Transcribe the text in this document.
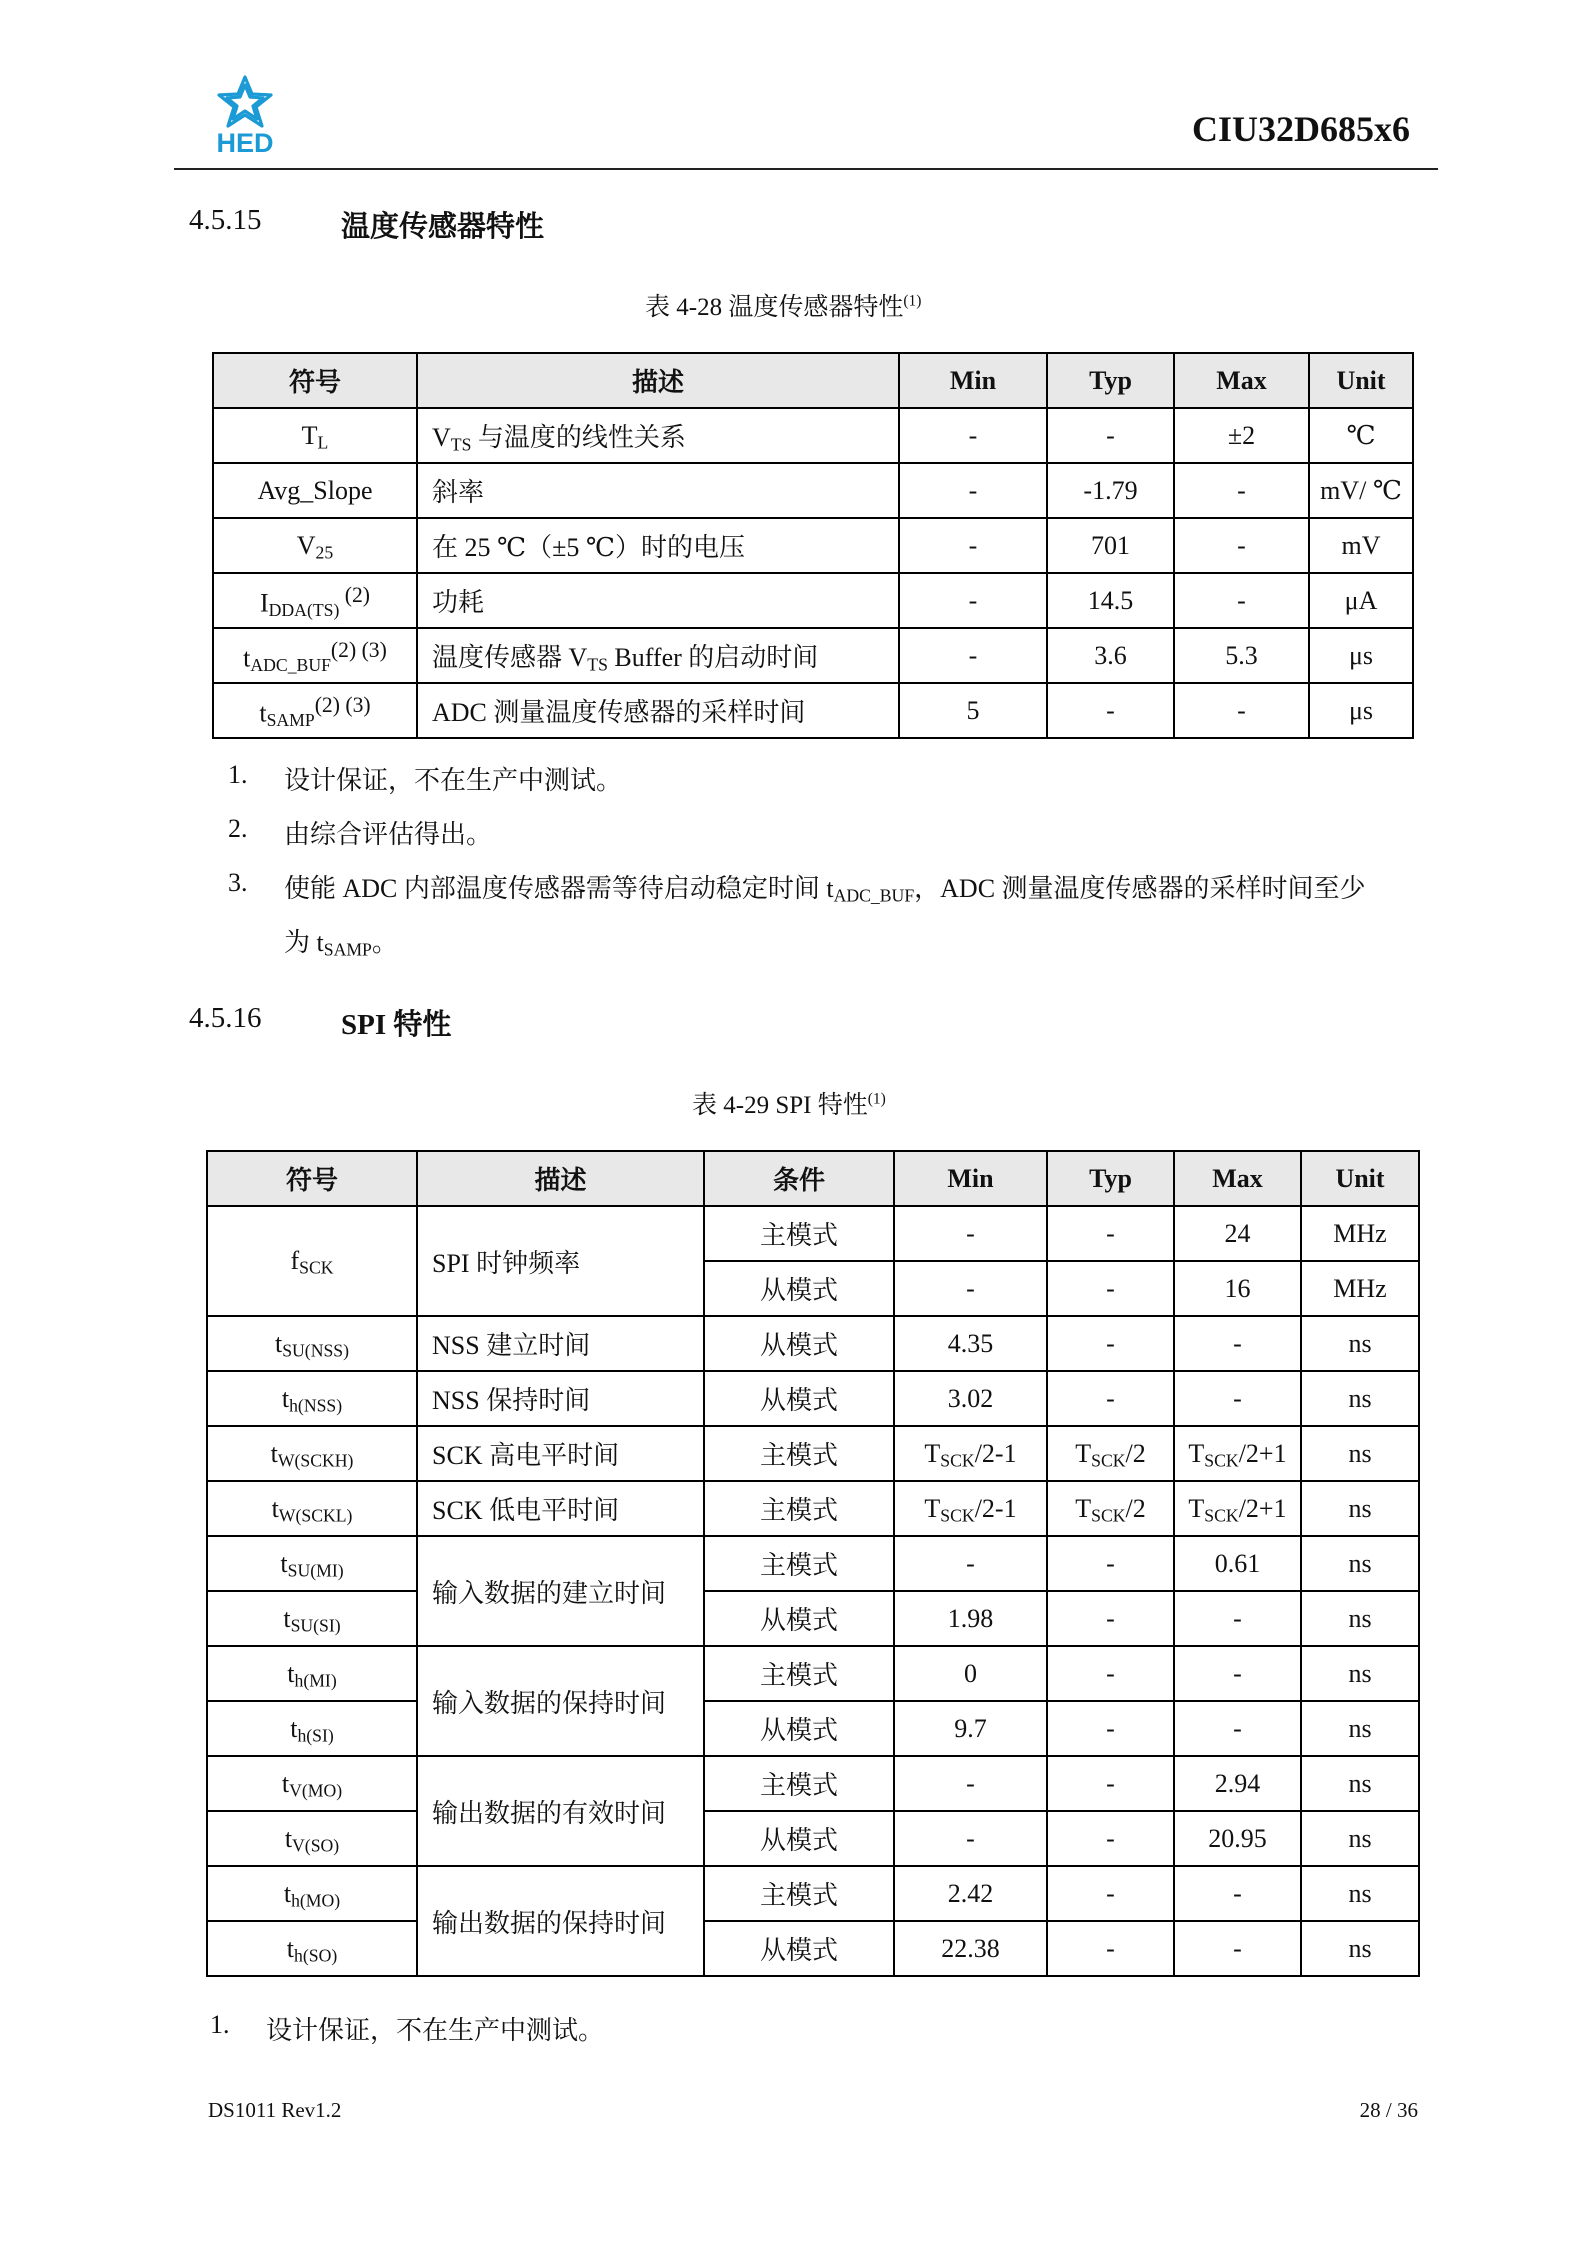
HED	CIU32D685x6
4.5.15	温度传感器特性
表 4-28 温度传感器特性$^{(1)}$
符号	描述	Min	Typ	Max	Unit
$T_L$	$V_{TS}$ 与温度的线性关系	-	-	±2	℃
Avg_Slope	斜率	-	-1.79	-	mV/ ℃
$V_{25}$	在 25 ℃（±5 ℃）时的电压	-	701	-	mV
$I_{DDA(TS)}$ $^{(2)}$	功耗	-	14.5	-	μA
$t_{ADC\_BUF}^{(2) (3)}$	温度传感器 $V_{TS}$ Buffer 的启动时间	-	3.6	5.3	μs
$t_{SAMP}^{(2) (3)}$	ADC 测量温度传感器的采样时间	5	-	-	μs
1. 设计保证，不在生产中测试。
2. 由综合评估得出。
3. 使能 ADC 内部温度传感器需等待启动稳定时间 $t_{ADC\_BUF}$，ADC 测量温度传感器的采样时间至少
为 $t_{SAMP}$。
4.5.16	SPI 特性
表 4-29 SPI 特性$^{(1)}$
符号	描述	条件	Min	Typ	Max	Unit
$f_{SCK}$	SPI 时钟频率	主模式	-	-	24	MHz
		从模式	-	-	16	MHz
$t_{SU(NSS)}$	NSS 建立时间	从模式	4.35	-	-	ns
$t_{h(NSS)}$	NSS 保持时间	从模式	3.02	-	-	ns
$t_{W(SCKH)}$	SCK 高电平时间	主模式	$T_{SCK}/2-1$	$T_{SCK}/2$	$T_{SCK}/2+1$	ns
$t_{W(SCKL)}$	SCK 低电平时间	主模式	$T_{SCK}/2-1$	$T_{SCK}/2$	$T_{SCK}/2+1$	ns
$t_{SU(MI)}$	输入数据的建立时间	主模式	-	-	0.61	ns
$t_{SU(SI)}$		从模式	1.98	-	-	ns
$t_{h(MI)}$	输入数据的保持时间	主模式	0	-	-	ns
$t_{h(SI)}$		从模式	9.7	-	-	ns
$t_{V(MO)}$	输出数据的有效时间	主模式	-	-	2.94	ns
$t_{V(SO)}$		从模式	-	-	20.95	ns
$t_{h(MO)}$	输出数据的保持时间	主模式	2.42	-	-	ns
$t_{h(SO)}$		从模式	22.38	-	-	ns
1. 设计保证，不在生产中测试。
DS1011 Rev1.2	28 / 36
